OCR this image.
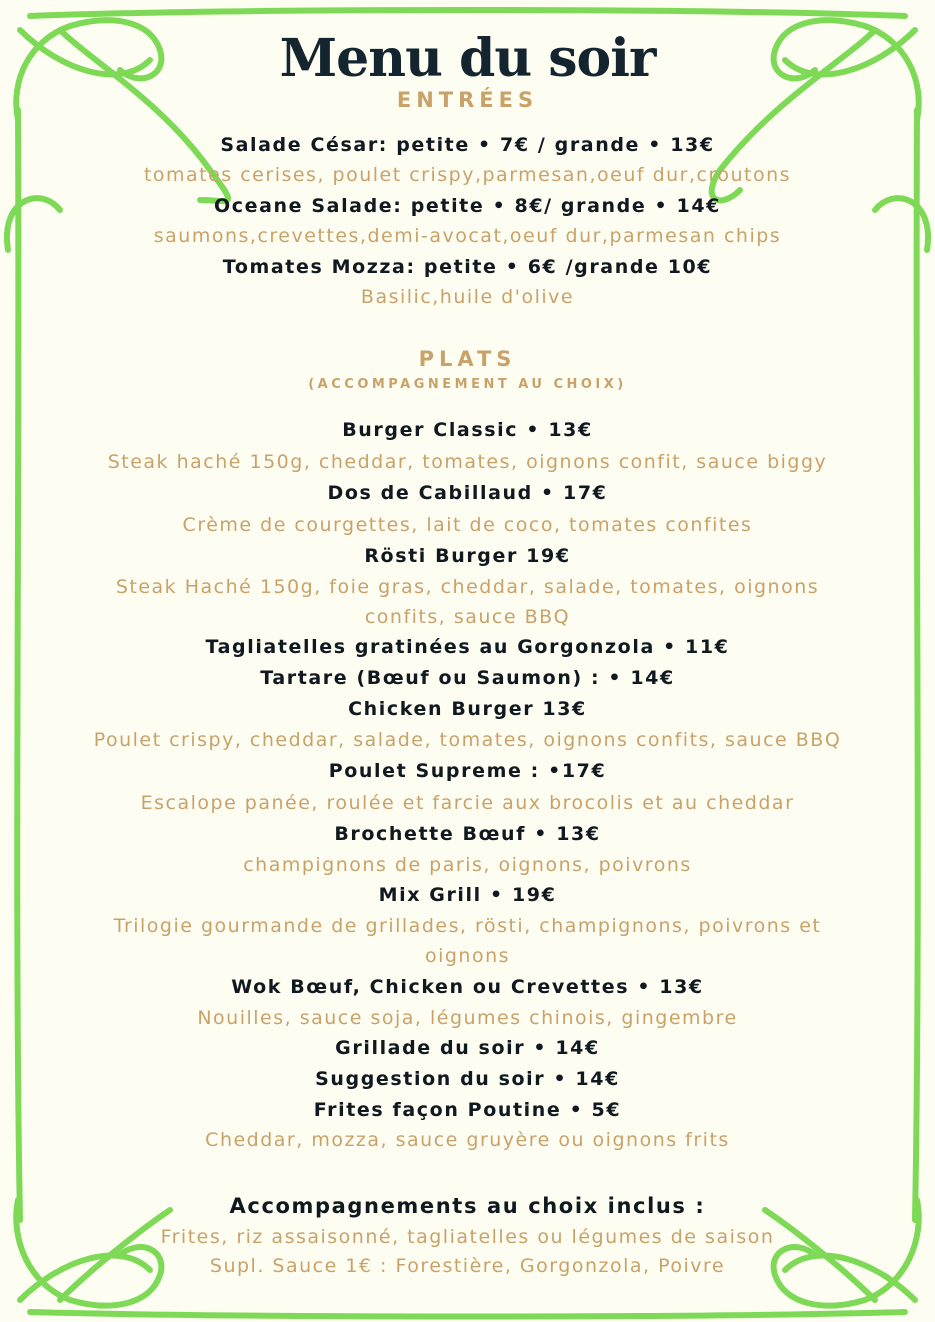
Menu du soir
ENTRÉES
Salade César: petite • 7€ / grande • 13€
tomates cerises, poulet crispy,parmesan,oeuf dur,croutons
Oceane Salade: petite • 8€/ grande • 14€
saumons,crevettes,demi-avocat,oeuf dur,parmesan chips
Tomates Mozza: petite • 6€ /grande 10€
Basilic,huile d'olive
PLATS
(ACCOMPAGNEMENT AU CHOIX)
Burger Classic • 13€
Steak haché 150g, cheddar, tomates, oignons confit, sauce biggy
Dos de Cabillaud • 17€
Crème de courgettes, lait de coco, tomates confites
Rösti Burger 19€
Steak Haché 150g, foie gras, cheddar, salade, tomates, oignons confits, sauce BBQ
Tagliatelles gratinées au Gorgonzola • 11€
Tartare (Bœuf ou Saumon) : • 14€
Chicken Burger 13€
Poulet crispy, cheddar, salade, tomates, oignons confits, sauce BBQ
Poulet Supreme : •17€
Escalope panée, roulée et farcie aux brocolis et au cheddar
Brochette Bœuf • 13€
champignons de paris, oignons, poivrons
Mix Grill • 19€
Trilogie gourmande de grillades, rösti, champignons, poivrons et oignons
Wok Bœuf, Chicken ou Crevettes • 13€
Nouilles, sauce soja, légumes chinois, gingembre
Grillade du soir • 14€
Suggestion du soir • 14€
Frites façon Poutine • 5€
Cheddar, mozza, sauce gruyère ou oignons frits
Accompagnements au choix inclus :
Frites, riz assaisonné, tagliatelles ou légumes de saison
Supl. Sauce 1€ : Forestière, Gorgonzola, Poivre
